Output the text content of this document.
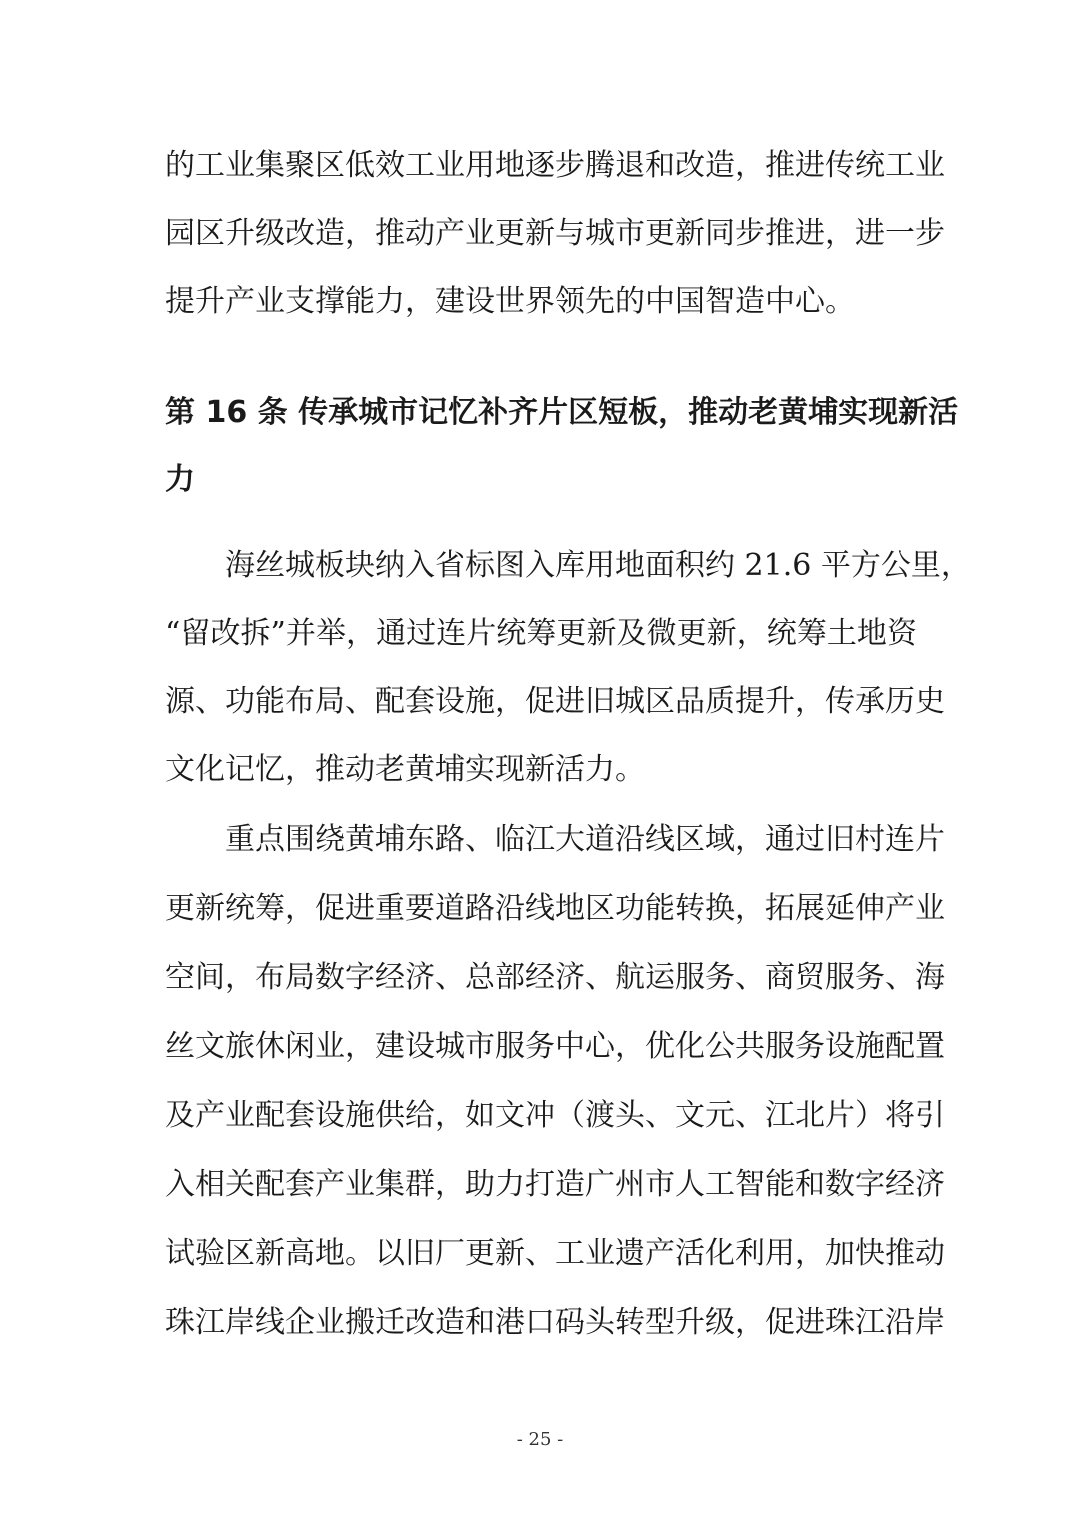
的工业集聚区低效工业用地逐步腾退和改造，推进传统工业
园区升级改造，推动产业更新与城市更新同步推进，进一步
提升产业支撑能力，建设世界领先的中国智造中心。
第 16 条 传承城市记忆补齐片区短板，推动老黄埔实现新活
力
海丝城板块纳入省标图入库用地面积约 21.6 平方公里，
“留改拆”并举，通过连片统筹更新及微更新，统筹土地资
源、功能布局、配套设施，促进旧城区品质提升，传承历史
文化记忆，推动老黄埔实现新活力。
重点围绕黄埔东路、临江大道沿线区域，通过旧村连片
更新统筹，促进重要道路沿线地区功能转换，拓展延伸产业
空间，布局数字经济、总部经济、航运服务、商贸服务、海
丝文旅休闲业，建设城市服务中心，优化公共服务设施配置
及产业配套设施供给，如文冲（渡头、文元、江北片）将引
入相关配套产业集群，助力打造广州市人工智能和数字经济
试验区新高地。以旧厂更新、工业遗产活化利用，加快推动
珠江岸线企业搬迁改造和港口码头转型升级，促进珠江沿岸
- 25 -
